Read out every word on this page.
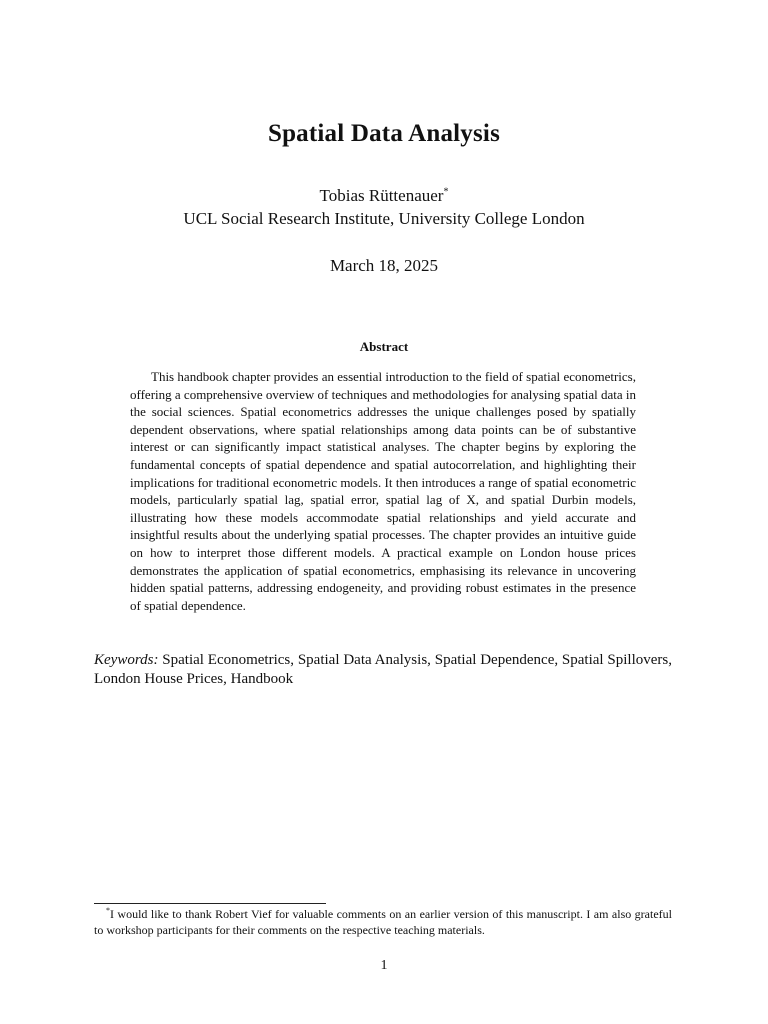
Spatial Data Analysis
Tobias Rüttenauer*
UCL Social Research Institute, University College London
March 18, 2025
Abstract
This handbook chapter provides an essential introduction to the field of spatial econometrics, offering a comprehensive overview of techniques and methodologies for analysing spatial data in the social sciences. Spatial econometrics addresses the unique challenges posed by spatially dependent observations, where spatial relationships among data points can be of substantive interest or can significantly impact statistical analyses. The chapter begins by exploring the fundamental concepts of spatial dependence and spatial autocorrelation, and highlighting their implications for traditional econometric models. It then introduces a range of spatial econometric models, particularly spatial lag, spatial error, spatial lag of X, and spatial Durbin models, illustrating how these models accommodate spatial relationships and yield accurate and insightful results about the underlying spatial processes. The chapter provides an intuitive guide on how to interpret those different models. A practical example on London house prices demonstrates the application of spatial econometrics, emphasising its relevance in uncovering hidden spatial patterns, addressing endogeneity, and providing robust estimates in the presence of spatial dependence.
Keywords: Spatial Econometrics, Spatial Data Analysis, Spatial Dependence, Spatial Spillovers, London House Prices, Handbook
*I would like to thank Robert Vief for valuable comments on an earlier version of this manuscript. I am also grateful to workshop participants for their comments on the respective teaching materials.
1
